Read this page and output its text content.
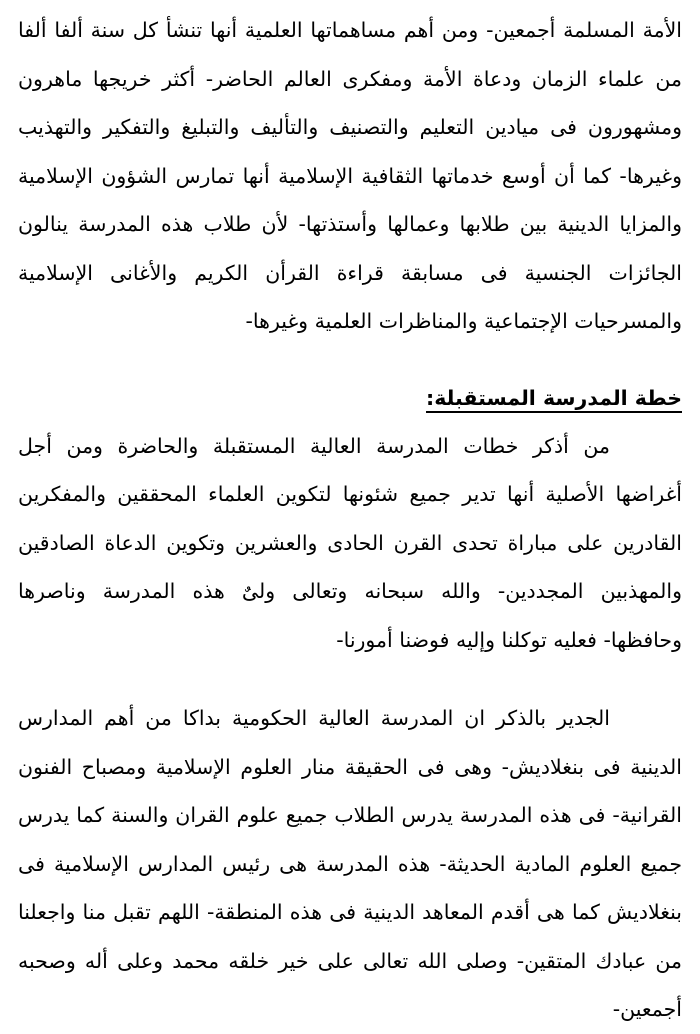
الأمة المسلمة أجمعين- ومن أهم مساهماتها العلمية أنها تنشأ كل سنة ألفا ألفا من علماء الزمان ودعاة الأمة ومفكرى العالم الحاضر- أكثر خريجها ماهرون ومشهورون فى ميادين التعليم والتصنيف والتأليف والتبليغ والتفكير والتهذيب وغيرها- كما أن أوسع خدماتها الثقافية الإسلامية أنها تمارس الشؤون الإسلامية والمزايا الدينية بين طلابها وعمالها وأستذتها- لأن طلاب هذه المدرسة ينالون الجائزات الجنسية فى مسابقة قراءة القرأن الكريم والأغانى الإسلامية والمسرحيات الإجتماعية والمناظرات العلمية وغيرها-

خطة المدرسة المستقبلة:

من أذكر خطات المدرسة العالية المستقبلة والحاضرة ومن أجل أغراضها الأصلية أنها تدير جميع شئونها لتكوين العلماء المحققين والمفكرين القادرين على مباراة تحدى القرن الحادى والعشرين وتكوين الدعاة الصادقين والمهذبين المجددين- والله سبحانه وتعالى ولىٌ هذه المدرسة وناصرها وحافظها- فعليه توكلنا وإليه فوضنا أمورنا-

الجدير بالذكر ان المدرسة العالية الحكومية بداكا من أهم المدارس الدينية فى بنغلاديش- وهى فى الحقيقة منار العلوم الإسلامية ومصباح الفنون القرانية- فى هذه المدرسة يدرس الطلاب جميع علوم القران والسنة كما يدرس جميع العلوم المادية الحديثة- هذه المدرسة هى رئيس المدارس الإسلامية فى بنغلاديش كما هى أقدم المعاهد الدينية فى هذه المنطقة- اللهم تقبل منا واجعلنا من عبادك المتقين- وصلى الله تعالى على خير خلقه محمد وعلى أله وصحبه أجمعين-
